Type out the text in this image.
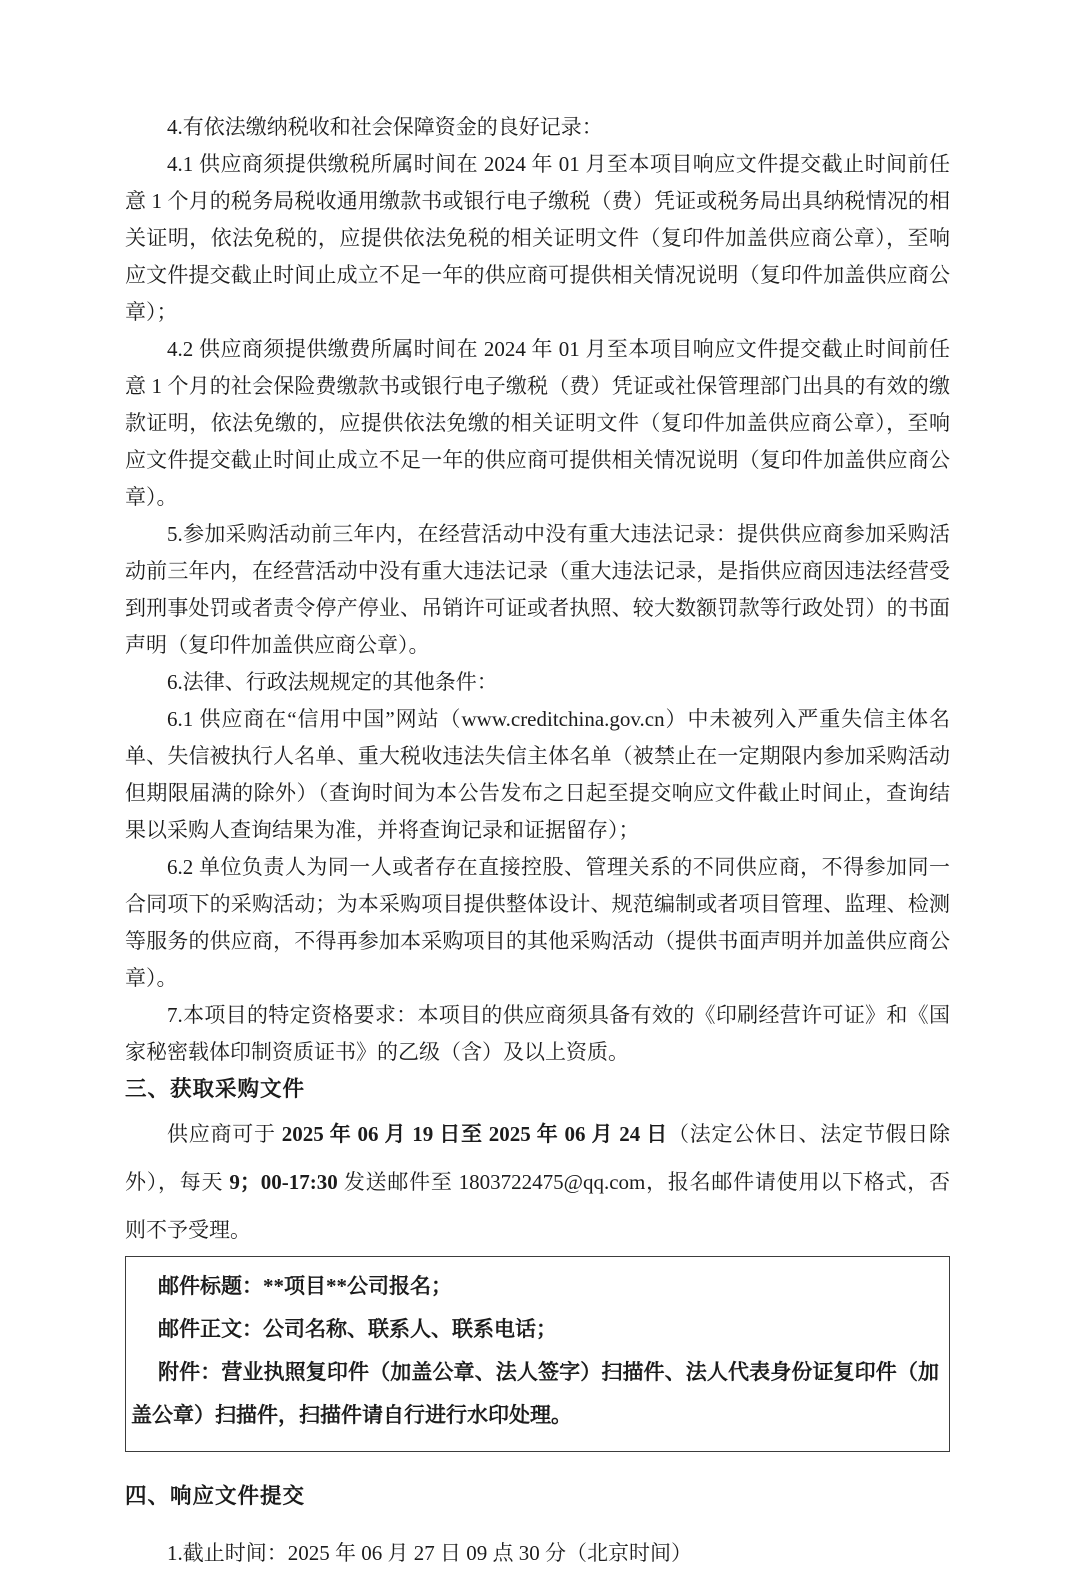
4.有依法缴纳税收和社会保障资金的良好记录：

4.1 供应商须提供缴税所属时间在 2024 年 01 月至本项目响应文件提交截止时间前任意 1 个月的税务局税收通用缴款书或银行电子缴税（费）凭证或税务局出具纳税情况的相关证明，依法免税的，应提供依法免税的相关证明文件（复印件加盖供应商公章），至响应文件提交截止时间止成立不足一年的供应商可提供相关情况说明（复印件加盖供应商公章）；

4.2 供应商须提供缴费所属时间在 2024 年 01 月至本项目响应文件提交截止时间前任意 1 个月的社会保险费缴款书或银行电子缴税（费）凭证或社保管理部门出具的有效的缴款证明，依法免缴的，应提供依法免缴的相关证明文件（复印件加盖供应商公章），至响应文件提交截止时间止成立不足一年的供应商可提供相关情况说明（复印件加盖供应商公章）。

5.参加采购活动前三年内，在经营活动中没有重大违法记录：提供供应商参加采购活动前三年内，在经营活动中没有重大违法记录（重大违法记录，是指供应商因违法经营受到刑事处罚或者责令停产停业、吊销许可证或者执照、较大数额罚款等行政处罚）的书面声明（复印件加盖供应商公章）。

6.法律、行政法规规定的其他条件：

6.1 供应商在“信用中国”网站（www.creditchina.gov.cn）中未被列入严重失信主体名单、失信被执行人名单、重大税收违法失信主体名单（被禁止在一定期限内参加采购活动但期限届满的除外）（查询时间为本公告发布之日起至提交响应文件截止时间止，查询结果以采购人查询结果为准，并将查询记录和证据留存）；

6.2 单位负责人为同一人或者存在直接控股、管理关系的不同供应商，不得参加同一合同项下的采购活动；为本采购项目提供整体设计、规范编制或者项目管理、监理、检测等服务的供应商，不得再参加本采购项目的其他采购活动（提供书面声明并加盖供应商公章）。

7.本项目的特定资格要求：本项目的供应商须具备有效的《印刷经营许可证》和《国家秘密载体印制资质证书》的乙级（含）及以上资质。

三、获取采购文件

供应商可于 2025 年 06 月 19 日至 2025 年 06 月 24 日（法定公休日、法定节假日除外），每天 9；00-17:30 发送邮件至 1803722475@qq.com，报名邮件请使用以下格式，否则不予受理。

邮件标题：**项目**公司报名；

邮件正文：公司名称、联系人、联系电话；

附件：营业执照复印件（加盖公章、法人签字）扫描件、法人代表身份证复印件（加盖公章）扫描件，扫描件请自行进行水印处理。

四、响应文件提交

1.截止时间：2025 年 06 月 27 日 09 点 30 分（北京时间）
